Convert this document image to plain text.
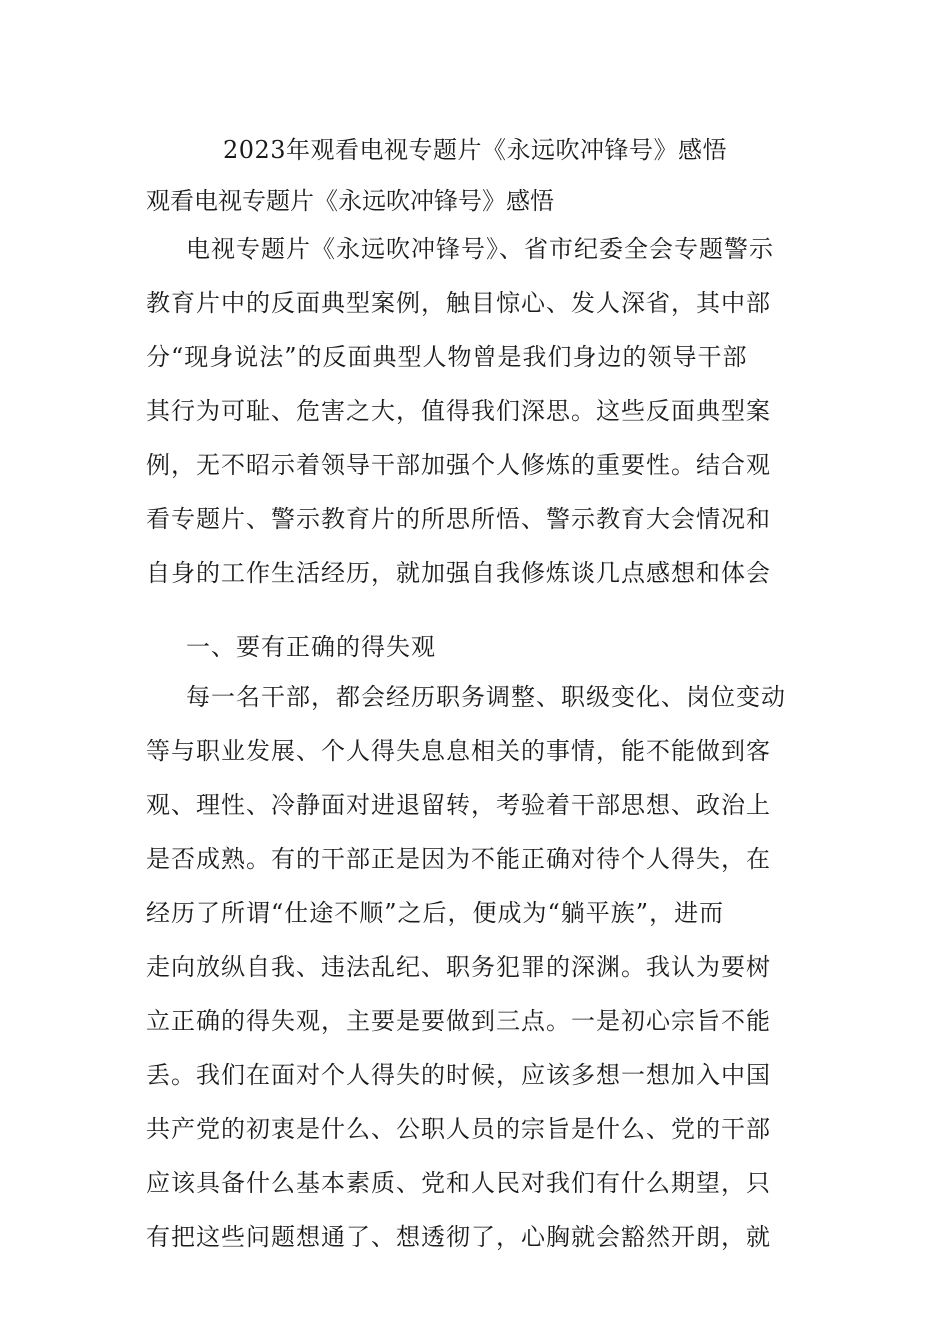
2023年观看电视专题片《永远吹冲锋号》感悟
观看电视专题片《永远吹冲锋号》感悟
电视专题片《永远吹冲锋号》、省市纪委全会专题警示
教育片中的反面典型案例，触目惊心、发人深省，其中部
分“现身说法”的反面典型人物曾是我们身边的领导干部
其行为可耻、危害之大，值得我们深思。这些反面典型案
例，无不昭示着领导干部加强个人修炼的重要性。结合观
看专题片、警示教育片的所思所悟、警示教育大会情况和
自身的工作生活经历，就加强自我修炼谈几点感想和体会
一、要有正确的得失观
每一名干部，都会经历职务调整、职级变化、岗位变动
等与职业发展、个人得失息息相关的事情，能不能做到客
观、理性、冷静面对进退留转，考验着干部思想、政治上
是否成熟。有的干部正是因为不能正确对待个人得失，在
经历了所谓“仕途不顺”之后，便成为“躺平族”，进而
走向放纵自我、违法乱纪、职务犯罪的深渊。我认为要树
立正确的得失观，主要是要做到三点。一是初心宗旨不能
丢。我们在面对个人得失的时候，应该多想一想加入中国
共产党的初衷是什么、公职人员的宗旨是什么、党的干部
应该具备什么基本素质、党和人民对我们有什么期望，只
有把这些问题想通了、想透彻了，心胸就会豁然开朗，就
